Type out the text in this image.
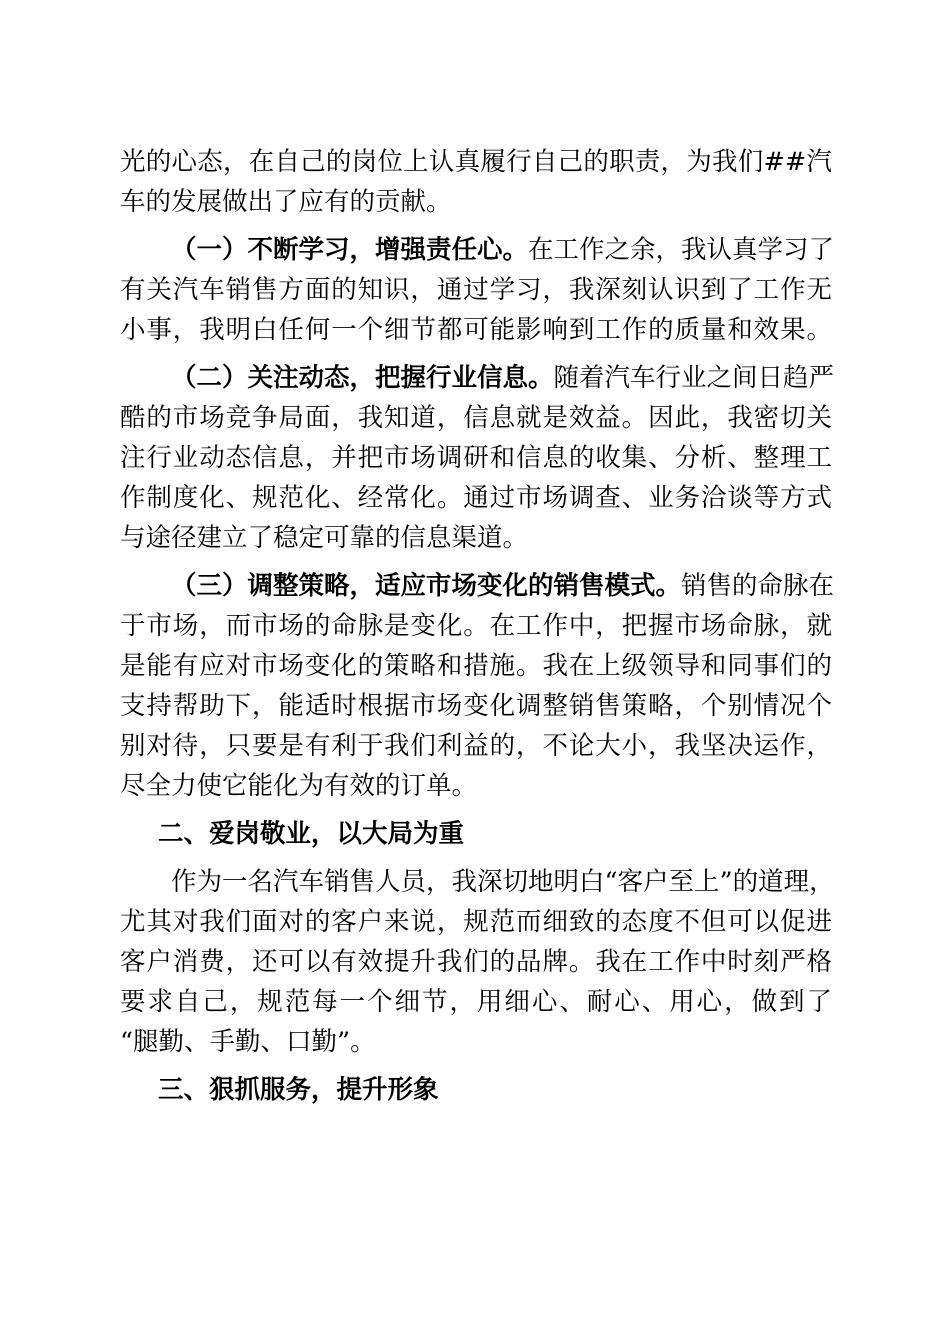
光的心态，在自己的岗位上认真履行自己的职责，为我们##汽
车的发展做出了应有的贡献。
（一）不断学习，增强责任心。在工作之余，我认真学习了
有关汽车销售方面的知识，通过学习，我深刻认识到了工作无
小事，我明白任何一个细节都可能影响到工作的质量和效果。
（二）关注动态，把握行业信息。随着汽车行业之间日趋严
酷的市场竞争局面，我知道，信息就是效益。因此，我密切关
注行业动态信息，并把市场调研和信息的收集、分析、整理工
作制度化、规范化、经常化。通过市场调查、业务洽谈等方式
与途径建立了稳定可靠的信息渠道。
（三）调整策略，适应市场变化的销售模式。销售的命脉在
于市场，而市场的命脉是变化。在工作中，把握市场命脉，就
是能有应对市场变化的策略和措施。我在上级领导和同事们的
支持帮助下，能适时根据市场变化调整销售策略，个别情况个
别对待，只要是有利于我们利益的，不论大小，我坚决运作，
尽全力使它能化为有效的订单。
二、爱岗敬业，以大局为重
作为一名汽车销售人员，我深切地明白“客户至上”的道理，
尤其对我们面对的客户来说，规范而细致的态度不但可以促进
客户消费，还可以有效提升我们的品牌。我在工作中时刻严格
要求自己，规范每一个细节，用细心、耐心、用心，做到了
“腿勤、手勤、口勤”。
三、狠抓服务，提升形象
